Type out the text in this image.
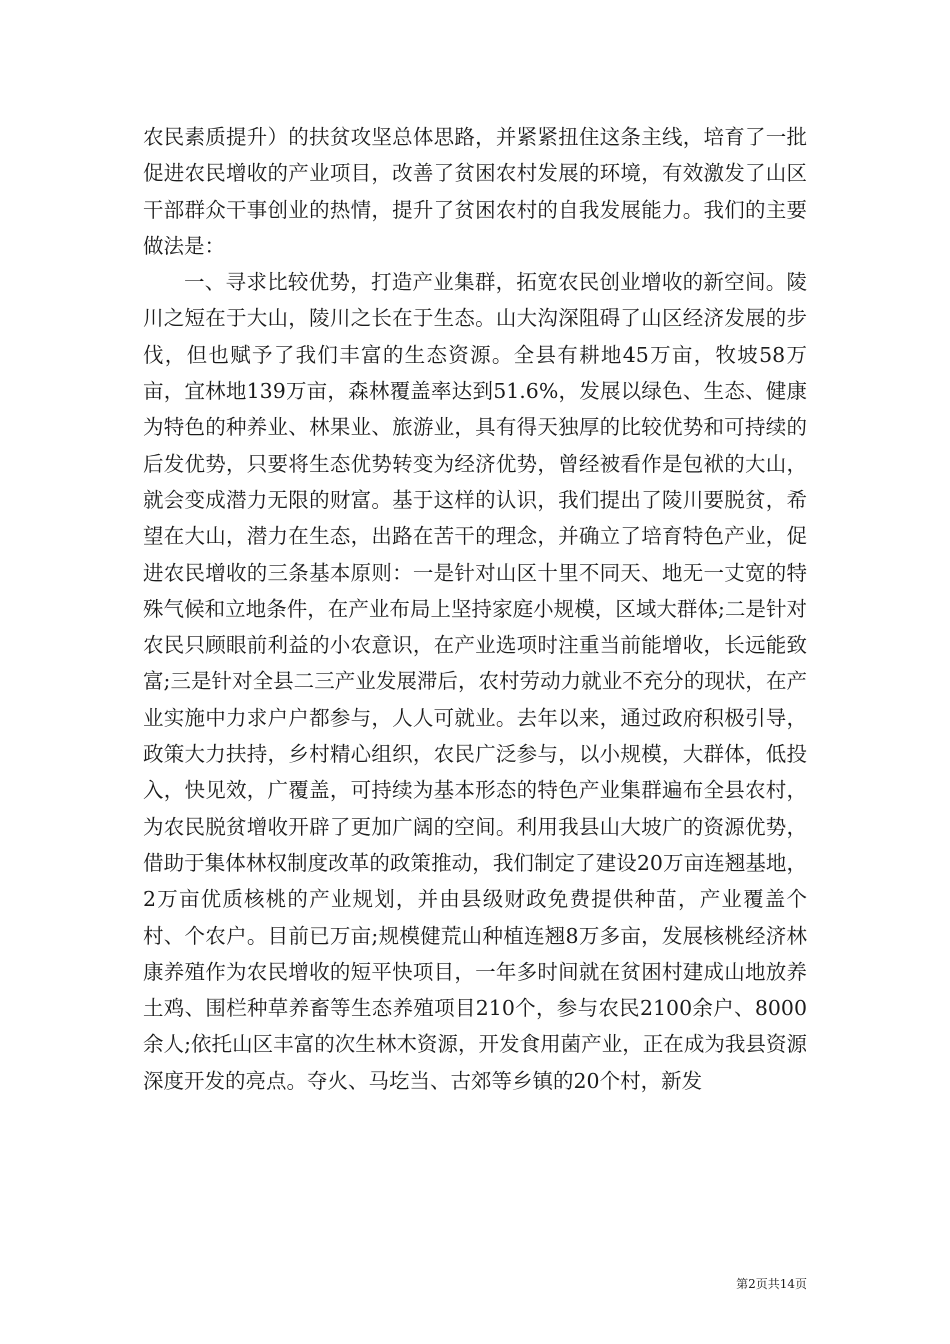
农民素质提升）的扶贫攻坚总体思路，并紧紧扭住这条主线，培育了一批促进农民增收的产业项目，改善了贫困农村发展的环境，有效激发了山区干部群众干事创业的热情，提升了贫困农村的自我发展能力。我们的主要做法是：

一、寻求比较优势，打造产业集群，拓宽农民创业增收的新空间。陵川之短在于大山，陵川之长在于生态。山大沟深阻碍了山区经济发展的步伐，但也赋予了我们丰富的生态资源。全县有耕地45万亩，牧坡58万亩，宜林地139万亩，森林覆盖率达到51.6%，发展以绿色、生态、健康为特色的种养业、林果业、旅游业，具有得天独厚的比较优势和可持续的后发优势，只要将生态优势转变为经济优势，曾经被看作是包袱的大山，就会变成潜力无限的财富。基于这样的认识，我们提出了陵川要脱贫，希望在大山，潜力在生态，出路在苦干的理念，并确立了培育特色产业，促进农民增收的三条基本原则：一是针对山区十里不同天、地无一丈宽的特殊气候和立地条件，在产业布局上坚持家庭小规模，区域大群体;二是针对农民只顾眼前利益的小农意识，在产业选项时注重当前能增收，长远能致富;三是针对全县二三产业发展滞后，农村劳动力就业不充分的现状，在产业实施中力求户户都参与，人人可就业。去年以来，通过政府积极引导，政策大力扶持，乡村精心组织，农民广泛参与，以小规模，大群体，低投入，快见效，广覆盖，可持续为基本形态的特色产业集群遍布全县农村，为农民脱贫增收开辟了更加广阔的空间。利用我县山大坡广的资源优势，借助于集体林权制度改革的政策推动，我们制定了建设20万亩连翘基地，2万亩优质核桃的产业规划，并由县级财政免费提供种苗，产业覆盖个村、个农户。目前已万亩;规模健荒山种植连翘8万多亩，发展核桃经济林康养殖作为农民增收的短平快项目，一年多时间就在贫困村建成山地放养土鸡、围栏种草养畜等生态养殖项目210个，参与农民2100余户、8000余人;依托山区丰富的次生林木资源，开发食用菌产业，正在成为我县资源深度开发的亮点。夺火、马圪当、古郊等乡镇的20个村，新发

第2页共14页
